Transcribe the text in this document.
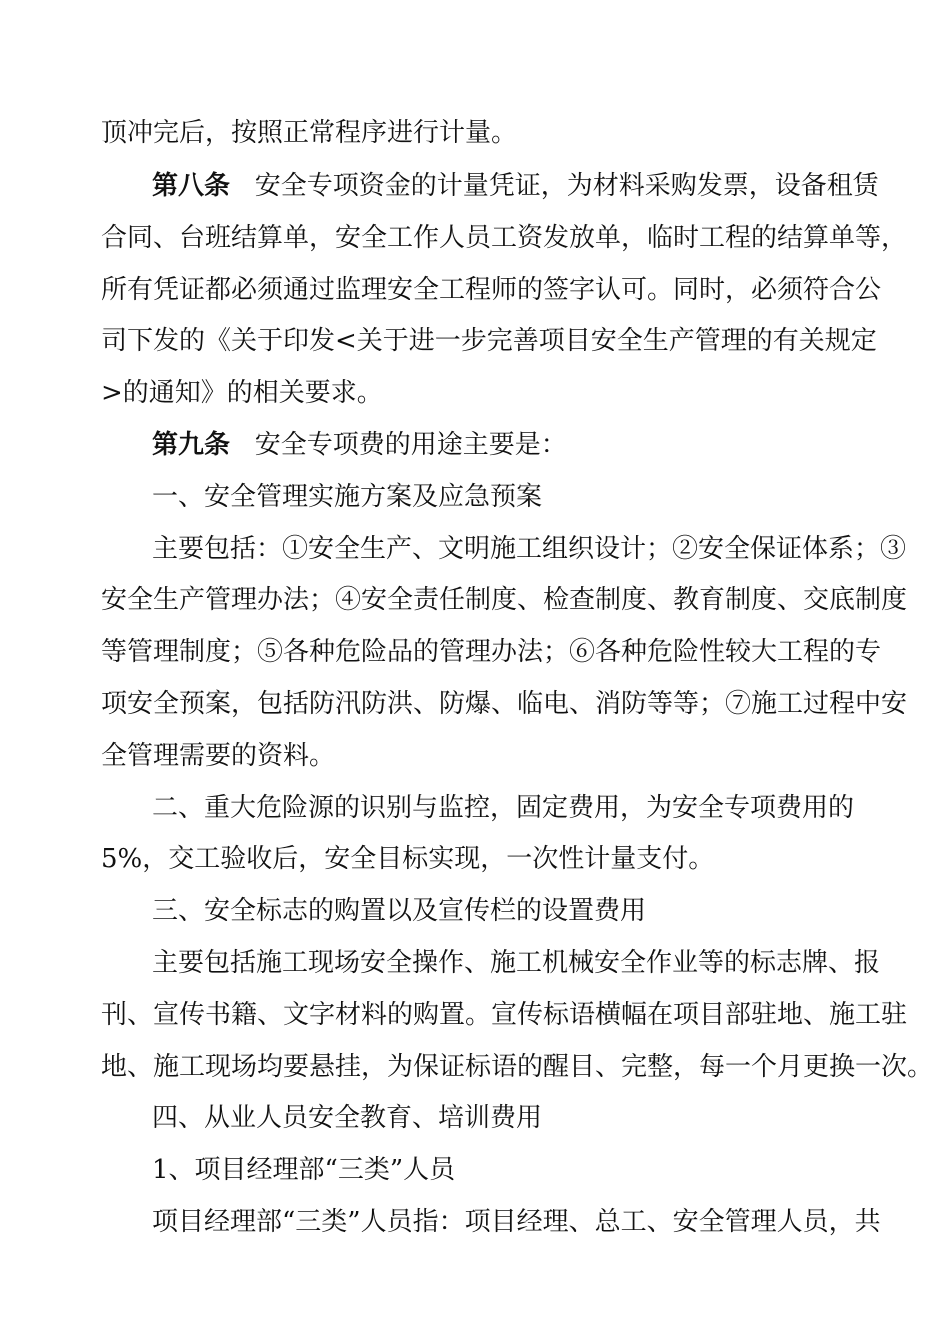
顶冲完后，按照正常程序进行计量。
第八条   安全专项资金的计量凭证，为材料采购发票，设备租赁
合同、台班结算单，安全工作人员工资发放单，临时工程的结算单等，
所有凭证都必须通过监理安全工程师的签字认可。同时，必须符合公
司下发的《关于印发<关于进一步完善项目安全生产管理的有关规定
>的通知》的相关要求。
第九条   安全专项费的用途主要是：
一、安全管理实施方案及应急预案
主要包括：①安全生产、文明施工组织设计；②安全保证体系；③
安全生产管理办法；④安全责任制度、检查制度、教育制度、交底制度
等管理制度；⑤各种危险品的管理办法；⑥各种危险性较大工程的专
项安全预案，包括防汛防洪、防爆、临电、消防等等；⑦施工过程中安
全管理需要的资料。
二、重大危险源的识别与监控，固定费用，为安全专项费用的
5%，交工验收后，安全目标实现，一次性计量支付。
三、安全标志的购置以及宣传栏的设置费用
主要包括施工现场安全操作、施工机械安全作业等的标志牌、报
刊、宣传书籍、文字材料的购置。宣传标语横幅在项目部驻地、施工驻
地、施工现场均要悬挂，为保证标语的醒目、完整，每一个月更换一次。
四、从业人员安全教育、培训费用
1、项目经理部“三类”人员
项目经理部“三类”人员指：项目经理、总工、安全管理人员，共
